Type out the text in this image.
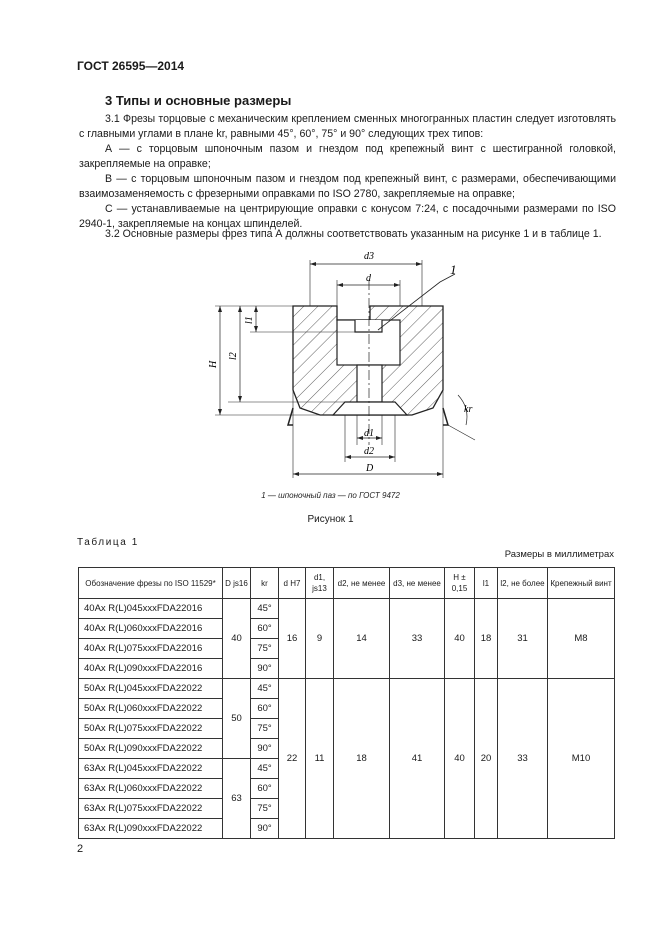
ГОСТ 26595—2014
3 Типы и основные размеры
3.1 Фрезы торцовые с механическим креплением сменных многогранных пластин следует изготовлять с главными углами в плане kr, равными 45°, 60°, 75° и 90° следующих трех типов:
А — с торцовым шпоночным пазом и гнездом под крепежный винт с шестигранной головкой, закрепляемые на оправке;
В — с торцовым шпоночным пазом и гнездом под крепежный винт, с размерами, обеспечивающими взаимозаменяемость с фрезерными оправками по ISO 2780, закрепляемые на оправке;
С — устанавливаемые на центрирующие оправки с конусом 7:24, с посадочными размерами по ISO 2940-1, закрепляемые на концах шпинделей.
3.2 Основные размеры фрез типа А должны соответствовать указанным на рисунке 1 и в таблице 1.
d3
d
1
H
l2
l1
kr
d1
d2
D
1 — шпоночный паз — по ГОСТ 9472
Рисунок 1
Таблица 1
Размеры в миллиметрах
Обозначение фрезы по ISO 11529*	D js16	kr	d H7	d1, js13	d2, не менее	d3, не менее	H ± 0,15	l1	l2, не более	Крепежный винт
40Ax R(L)045xxxFDA22016	40	45°	16	9	14	33	40	18	31	М8
40Ax R(L)060xxxFDA22016		60°								
40Ax R(L)075xxxFDA22016		75°								
40Ax R(L)090xxxFDA22016		90°								
50Ax R(L)045xxxFDA22022	50	45°	22	11	18	41	40	20	33	М10
50Ax R(L)060xxxFDA22022		60°								
50Ax R(L)075xxxFDA22022		75°								
50Ax R(L)090xxxFDA22022		90°								
63Ax R(L)045xxxFDA22022	63	45°								
63Ax R(L)060xxxFDA22022		60°								
63Ax R(L)075xxxFDA22022		75°								
63Ax R(L)090xxxFDA22022		90°								
2
